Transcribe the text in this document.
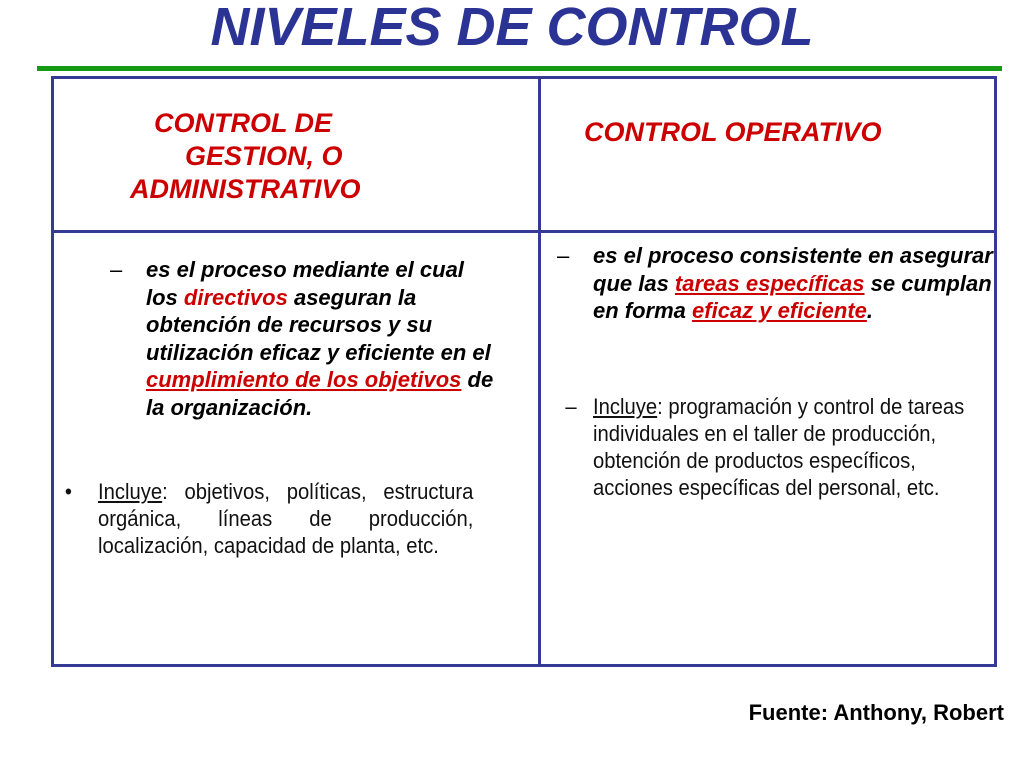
NIVELES DE CONTROL
CONTROL DE
GESTION, O
ADMINISTRATIVO
CONTROL OPERATIVO
– es el proceso mediante el cual los directivos aseguran la obtención de recursos y su utilización eficaz y eficiente en el cumplimiento de los objetivos de la organización.
• Incluye: objetivos, políticas, estructura orgánica, líneas de producción, localización, capacidad de planta, etc.
– es el proceso consistente en asegurar que las tareas específicas se cumplan en forma eficaz y eficiente.
– Incluye: programación y control de tareas individuales en el taller de producción, obtención de productos específicos, acciones específicas del personal, etc.
Fuente: Anthony, Robert
